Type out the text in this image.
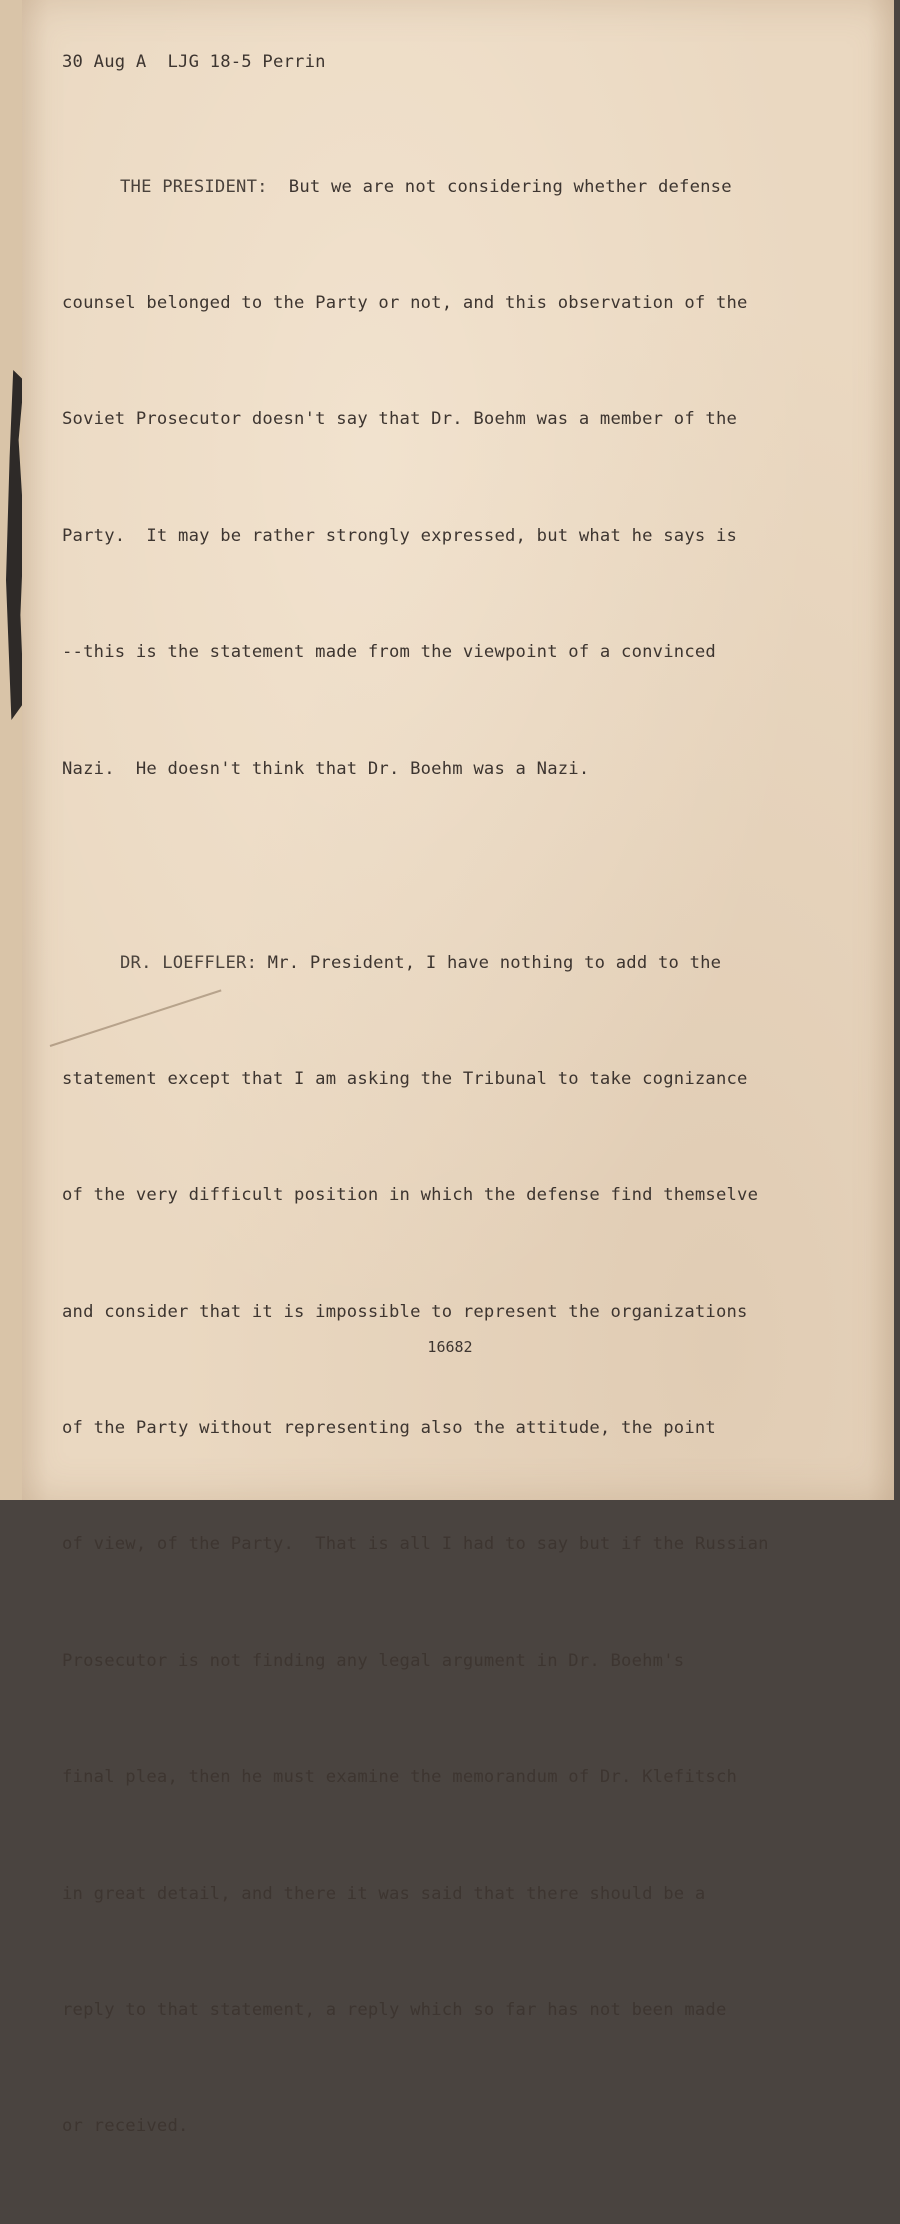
30 Aug A  LJG 18-5 Perrin

THE PRESIDENT:  But we are not considering whether defense

counsel belonged to the Party or not, and this observation of the

Soviet Prosecutor doesn't say that Dr. Boehm was a member of the

Party.  It may be rather strongly expressed, but what he says is

--this is the statement made from the viewpoint of a convinced

Nazi.  He doesn't think that Dr. Boehm was a Nazi.

DR. LOEFFLER: Mr. President, I have nothing to add to the

statement except that I am asking the Tribunal to take cognizance

of the very difficult position in which the defense find themselve

and consider that it is impossible to represent the organizations

of the Party without representing also the attitude, the point

of view, of the Party.  That is all I had to say but if the Russian

Prosecutor is not finding any legal argument in Dr. Boehm's

final plea, then he must examine the memorandum of Dr. Klefitsch

in great detail, and there it was said that there should be a

reply to that statement, a reply which so far has not been made

or received.

16682
